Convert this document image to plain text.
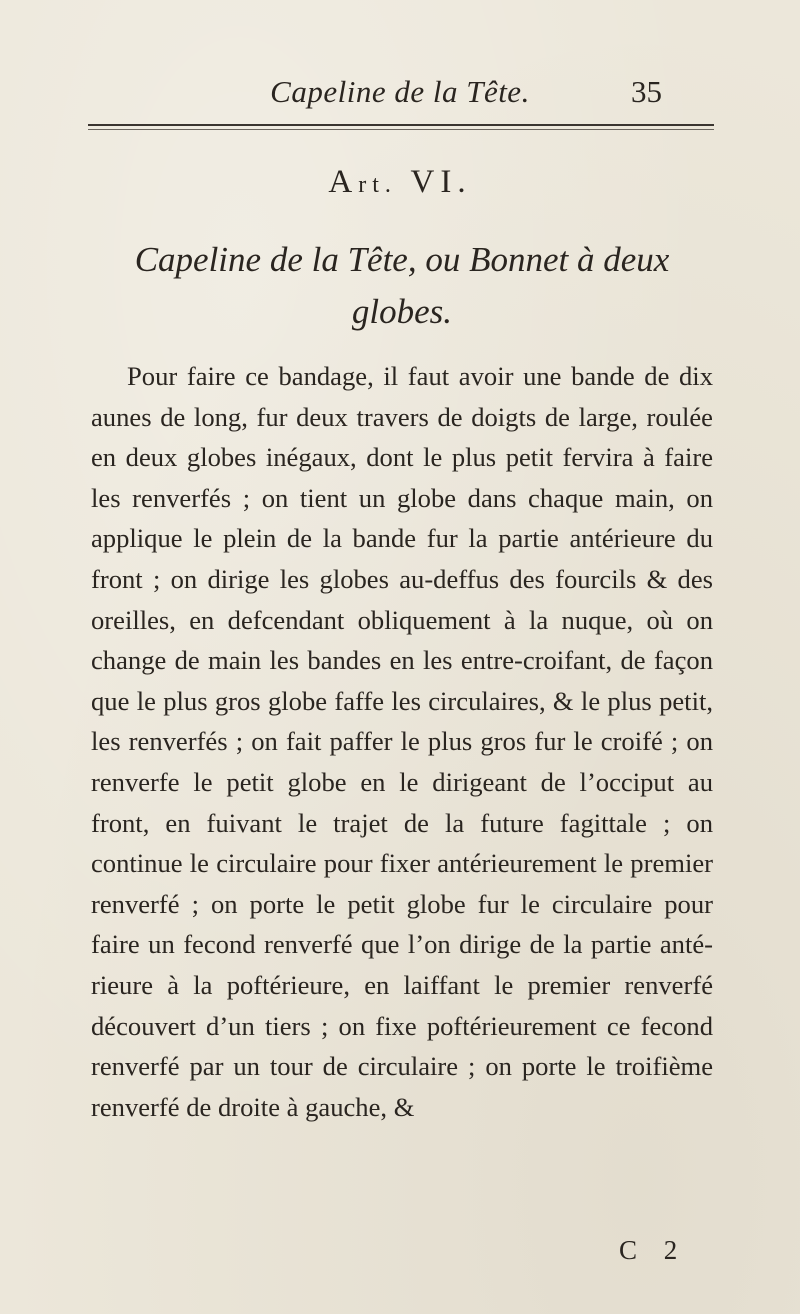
Capeline de la Tête.	35
Art. VI.
Capeline de la Tête, ou Bonnet à deux globes.

Pour faire ce bandage, il faut avoir une bande de dix aunes de long, fur deux travers de doigts de large, roulée en deux globes inégaux, dont le plus petit fervira à faire les renverfés ; on tient un globe dans chaque main, on applique le plein de la bande fur la partie antérieure du front ; on dirige les globes au-deffus des fourcils & des oreilles, en defcendant obliquement à la nuque, où on change de main les bandes en les entre-croifant, de façon que le plus gros globe faffe les circulaires, & le plus petit, les renverfés ; on fait paffer le plus gros fur le croifé ; on renverfe le petit globe en le dirigeant de l’occiput au front, en fuivant le trajet de la future fagittale ; on continue le circulaire pour fixer antérieurement le premier renverfé ; on porte le petit globe fur le circulaire pour faire un fecond renverfé que l’on dirige de la partie antérieure à la poftérieure, en laiffant le premier renverfé découvert d’un tiers ; on fixe poftérieurement ce fecond renverfé par un tour de circulaire ; on porte le troifième renverfé de droite à gauche, &

C 2
